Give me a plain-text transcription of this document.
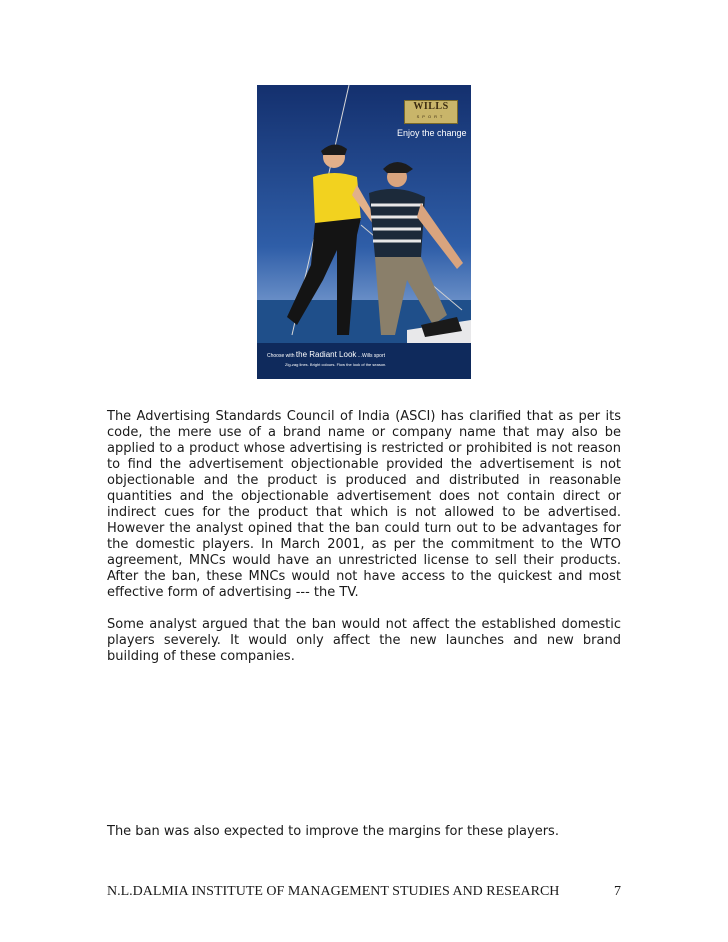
WILLS
SPORT
Enjoy the change
Choose with the Radiant Look ...Wills sport
Zig-zag lines. Bright colours. Flow the look of the season.

The Advertising Standards Council of India (ASCI) has clarified that as per its code, the mere use of a brand name or company name that may also be applied to a product whose advertising is restricted or prohibited is not reason to find the advertisement objectionable provided the advertisement is not objectionable and the product is produced and distributed in reasonable quantities and the objectionable advertisement does not contain direct or indirect cues for the product that which is not allowed to be advertised. However the analyst opined that the ban could turn out to be advantages for the domestic players. In March 2001, as per the commitment to the WTO agreement, MNCs would have an unrestricted license to sell their products. After the ban, these MNCs would not have access to the quickest and most effective form of advertising --- the TV.

Some analyst argued that the ban would not affect the established domestic players severely. It would only affect the new launches and new brand building of these companies.

The ban was also expected to improve the margins for these players.

N.L.DALMIA INSTITUTE OF MANAGEMENT STUDIES AND RESEARCH	7
